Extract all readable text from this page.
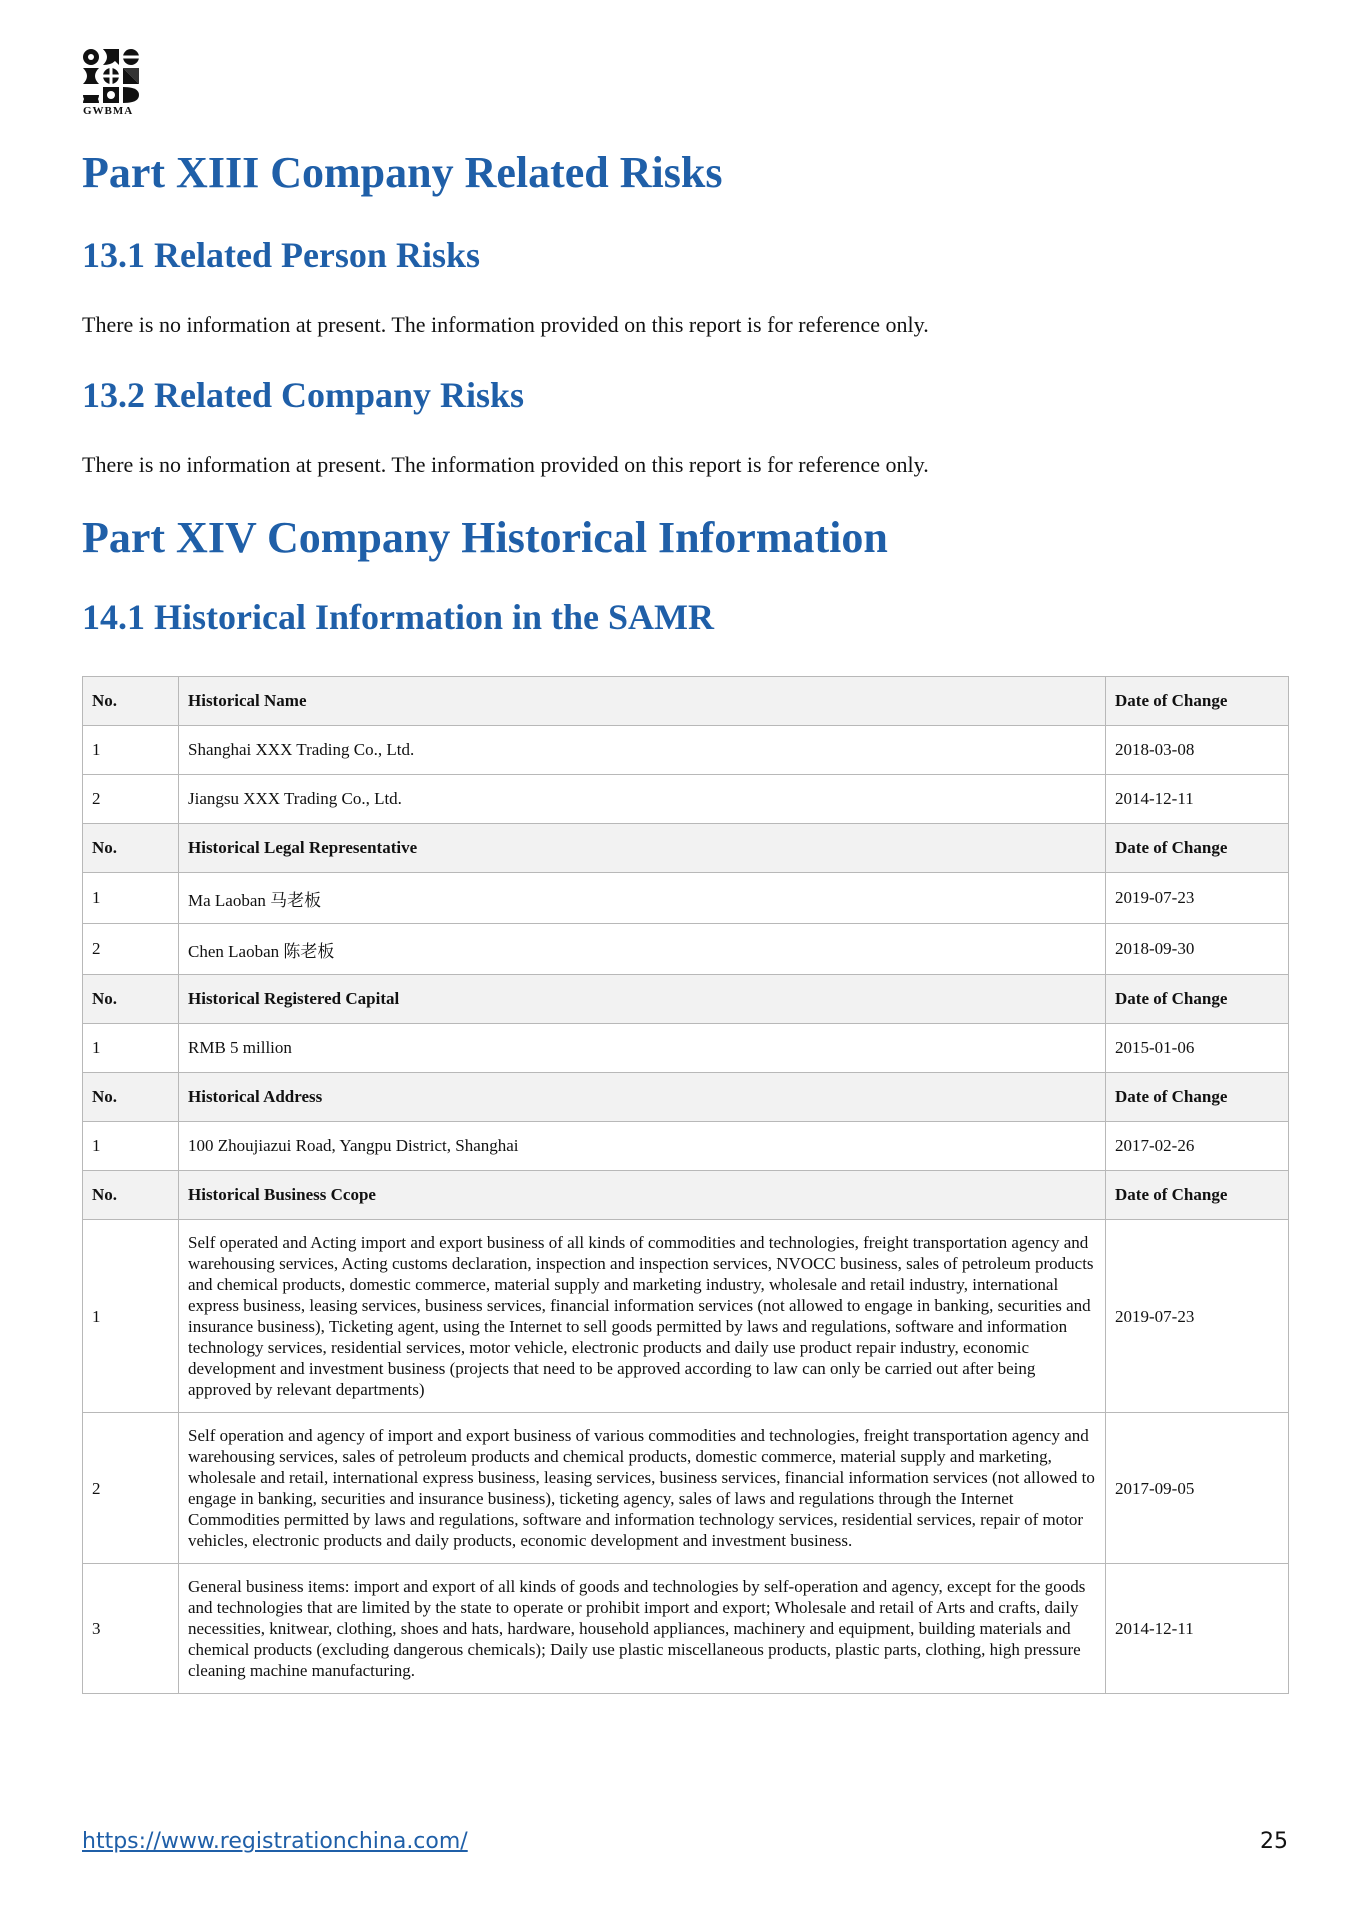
GWBMA
Part XIII Company Related Risks
13.1 Related Person Risks

There is no information at present. The information provided on this report is for reference only.

13.2 Related Company Risks

There is no information at present. The information provided on this report is for reference only.

Part XIV Company Historical Information
14.1 Historical Information in the SAMR
No.	Historical Name	Date of Change
1	Shanghai XXX Trading Co., Ltd.	2018-03-08
2	Jiangsu XXX Trading Co., Ltd.	2014-12-11
No.	Historical Legal Representative	Date of Change
1	Ma Laoban 马老板	2019-07-23
2	Chen Laoban 陈老板	2018-09-30
No.	Historical Registered Capital	Date of Change
1	RMB 5 million	2015-01-06
No.	Historical Address	Date of Change
1	100 Zhoujiazui Road, Yangpu District, Shanghai	2017-02-26
No.	Historical Business Ccope	Date of Change
1	Self operated and Acting import and export business of all kinds of commodities and technologies, freight transportation agency and warehousing services, Acting customs declaration, inspection and inspection services, NVOCC business, sales of petroleum products and chemical products, domestic commerce, material supply and marketing industry, wholesale and retail industry, international express business, leasing services, business services, financial information services (not allowed to engage in banking, securities and insurance business), Ticketing agent, using the Internet to sell goods permitted by laws and regulations, software and information technology services, residential services, motor vehicle, electronic products and daily use product repair industry, economic development and investment business (projects that need to be approved according to law can only be carried out after being approved by relevant departments)	2019-07-23
2	Self operation and agency of import and export business of various commodities and technologies, freight transportation agency and warehousing services, sales of petroleum products and chemical products, domestic commerce, material supply and marketing, wholesale and retail, international express business, leasing services, business services, financial information services (not allowed to engage in banking, securities and insurance business), ticketing agency, sales of laws and regulations through the Internet Commodities permitted by laws and regulations, software and information technology services, residential services, repair of motor vehicles, electronic products and daily products, economic development and investment business.	2017-09-05
3	General business items: import and export of all kinds of goods and technologies by self-operation and agency, except for the goods and technologies that are limited by the state to operate or prohibit import and export; Wholesale and retail of Arts and crafts, daily necessities, knitwear, clothing, shoes and hats, hardware, household appliances, machinery and equipment, building materials and chemical products (excluding dangerous chemicals); Daily use plastic miscellaneous products, plastic parts, clothing, high pressure cleaning machine manufacturing.	2014-12-11
https://www.registrationchina.com/	25
